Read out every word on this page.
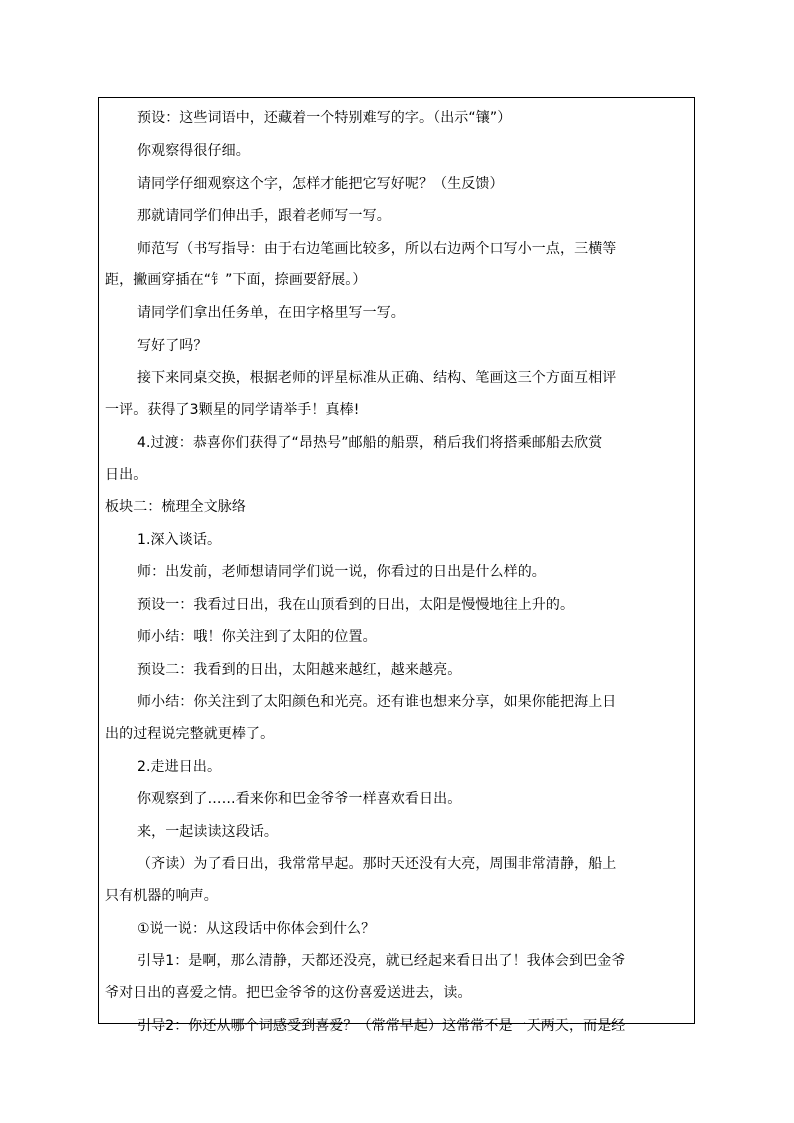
预设：这些词语中，还藏着一个特别难写的字。（出示“镶”）
你观察得很仔细。
请同学仔细观察这个字，怎样才能把它写好呢？（生反馈）
那就请同学们伸出手，跟着老师写一写。
师范写（书写指导：由于右边笔画比较多，所以右边两个口写小一点，三横等
距，撇画穿插在“钅”下面，捺画要舒展。）
请同学们拿出任务单，在田字格里写一写。
写好了吗？
接下来同桌交换，根据老师的评星标准从正确、结构、笔画这三个方面互相评
一评。获得了3颗星的同学请举手！真棒!
4.过渡：恭喜你们获得了“昂热号”邮船的船票，稍后我们将搭乘邮船去欣赏
日出。
板块二：梳理全文脉络
1.深入谈话。
师：出发前，老师想请同学们说一说，你看过的日出是什么样的。
预设一：我看过日出，我在山顶看到的日出，太阳是慢慢地往上升的。
师小结：哦！你关注到了太阳的位置。
预设二：我看到的日出，太阳越来越红，越来越亮。
师小结：你关注到了太阳颜色和光亮。还有谁也想来分享，如果你能把海上日
出的过程说完整就更棒了。
2.走进日出。
你观察到了……看来你和巴金爷爷一样喜欢看日出。
来，一起读读这段话。
（齐读）为了看日出，我常常早起。那时天还没有大亮，周围非常清静，船上
只有机器的响声。
①说一说：从这段话中你体会到什么？
引导1：是啊，那么清静，天都还没亮，就已经起来看日出了！我体会到巴金爷
爷对日出的喜爱之情。把巴金爷爷的这份喜爱送进去，读。
引导2：你还从哪个词感受到喜爱？（常常早起）这常常不是一天两天，而是经
